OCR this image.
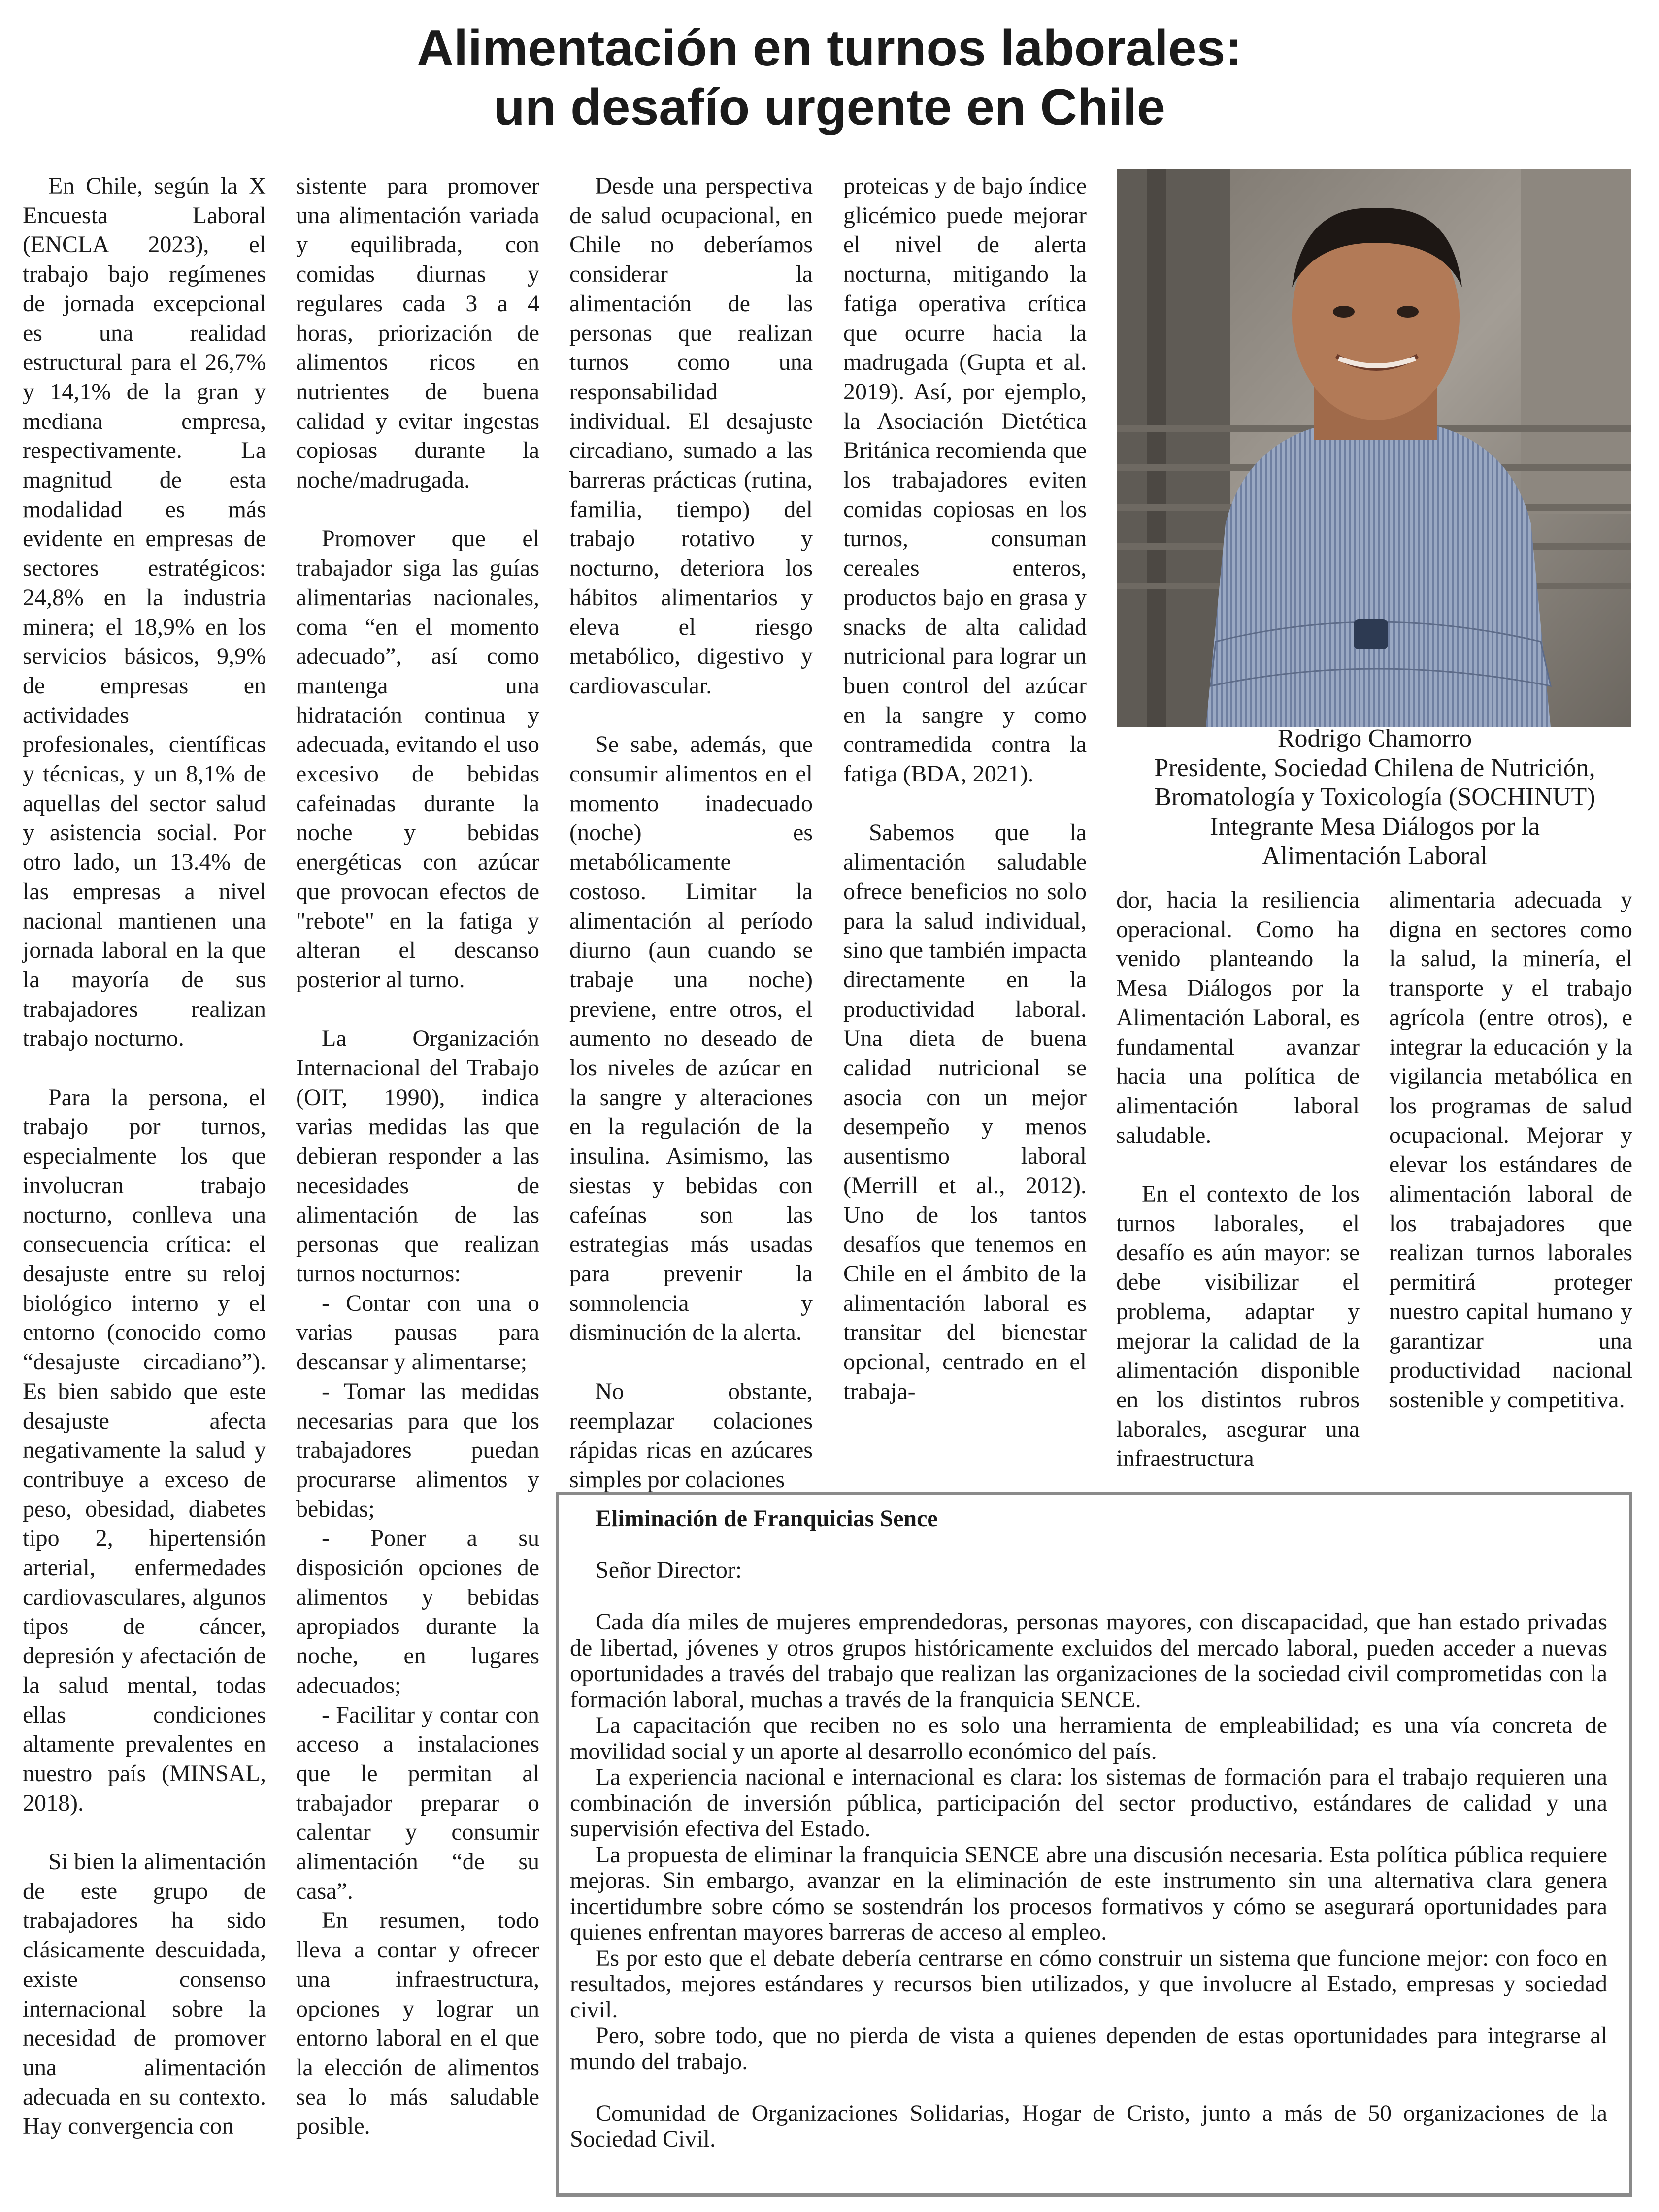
Alimentación en turnos laborales:
un desafío urgente en Chile

En Chile, según la X Encuesta Laboral (ENCLA 2023), el trabajo bajo regímenes de jornada excepcional es una realidad estructural para el 26,7% y 14,1% de la gran y mediana empresa, respectivamente. La magnitud de esta modalidad es más evidente en empresas de sectores estratégicos: 24,8% en la industria minera; el 18,9% en los servicios básicos, 9,9% de empresas en actividades profesionales, científicas y técnicas, y un 8,1% de aquellas del sector salud y asistencia social. Por otro lado, un 13.4% de las empresas a nivel nacional mantienen una jornada laboral en la que la mayoría de sus trabajadores realizan trabajo nocturno.

Para la persona, el trabajo por turnos, especialmente los que involucran trabajo nocturno, conlleva una consecuencia crítica: el desajuste entre su reloj biológico interno y el entorno (conocido como “desajuste circadiano”). Es bien sabido que este desajuste afecta negativamente la salud y contribuye a exceso de peso, obesidad, diabetes tipo 2, hipertensión arterial, enfermedades cardiovasculares, algunos tipos de cáncer, depresión y afectación de la salud mental, todas ellas condiciones altamente prevalentes en nuestro país (MINSAL, 2018).

Si bien la alimentación de este grupo de trabajadores ha sido clásicamente descuidada, existe consenso internacional sobre la necesidad de promover una alimentación adecuada en su contexto. Hay convergencia con

sistente para promover una alimentación variada y equilibrada, con comidas diurnas y regulares cada 3 a 4 horas, priorización de alimentos ricos en nutrientes de buena calidad y evitar ingestas copiosas durante la noche/madrugada.

Promover que el trabajador siga las guías alimentarias nacionales, coma “en el momento adecuado”, así como mantenga una hidratación continua y adecuada, evitando el uso excesivo de bebidas cafeinadas durante la noche y bebidas energéticas con azúcar que provocan efectos de "rebote" en la fatiga y alteran el descanso posterior al turno.

La Organización Internacional del Trabajo (OIT, 1990), indica varias medidas las que debieran responder a las necesidades de alimentación de las personas que realizan turnos nocturnos:

- Contar con una o varias pausas para descansar y alimentarse;

- Tomar las medidas necesarias para que los trabajadores puedan procurarse alimentos y bebidas;

- Poner a su disposición opciones de alimentos y bebidas apropiados durante la noche, en lugares adecuados;

- Facilitar y contar con acceso a instalaciones que le permitan al trabajador preparar o calentar y consumir alimentación “de su casa”.

En resumen, todo lleva a contar y ofrecer una infraestructura, opciones y lograr un entorno laboral en el que la elección de alimentos sea lo más saludable posible.

Desde una perspectiva de salud ocupacional, en Chile no deberíamos considerar la alimentación de las personas que realizan turnos como una responsabilidad individual. El desajuste circadiano, sumado a las barreras prácticas (rutina, familia, tiempo) del trabajo rotativo y nocturno, deteriora los hábitos alimentarios y eleva el riesgo metabólico, digestivo y cardiovascular.

Se sabe, además, que consumir alimentos en el momento inadecuado (noche) es metabólicamente costoso. Limitar la alimentación al período diurno (aun cuando se trabaje una noche) previene, entre otros, el aumento no deseado de los niveles de azúcar en la sangre y alteraciones en la regulación de la insulina. Asimismo, las siestas y bebidas con cafeínas son las estrategias más usadas para prevenir la somnolencia y disminución de la alerta.

No obstante, reemplazar colaciones rápidas ricas en azúcares simples por colaciones

proteicas y de bajo índice glicémico puede mejorar el nivel de alerta nocturna, mitigando la fatiga operativa crítica que ocurre hacia la madrugada (Gupta et al. 2019). Así, por ejemplo, la Asociación Dietética Británica recomienda que los trabajadores eviten comidas copiosas en los turnos, consuman cereales enteros, productos bajo en grasa y snacks de alta calidad nutricional para lograr un buen control del azúcar en la sangre y como contramedida contra la fatiga (BDA, 2021).

Sabemos que la alimentación saludable ofrece beneficios no solo para la salud individual, sino que también impacta directamente en la productividad laboral. Una dieta de buena calidad nutricional se asocia con un mejor desempeño y menos ausentismo laboral (Merrill et al., 2012). Uno de los tantos desafíos que tenemos en Chile en el ámbito de la alimentación laboral es transitar del bienestar opcional, centrado en el trabaja-

Rodrigo Chamorro
Presidente, Sociedad Chilena de Nutrición,
Bromatología y Toxicología (SOCHINUT)
Integrante Mesa Diálogos por la
Alimentación Laboral

dor, hacia la resiliencia operacional. Como ha venido planteando la Mesa Diálogos por la Alimentación Laboral, es fundamental avanzar hacia una política de alimentación laboral saludable.

En el contexto de los turnos laborales, el desafío es aún mayor: se debe visibilizar el problema, adaptar y mejorar la calidad de la alimentación disponible en los distintos rubros laborales, asegurar una infraestructura

alimentaria adecuada y digna en sectores como la salud, la minería, el transporte y el trabajo agrícola (entre otros), e integrar la educación y la vigilancia metabólica en los programas de salud ocupacional. Mejorar y elevar los estándares de alimentación laboral de los trabajadores que realizan turnos laborales permitirá proteger nuestro capital humano y garantizar una productividad nacional sostenible y competitiva.

Eliminación de Franquicias Sence

Señor Director:

Cada día miles de mujeres emprendedoras, personas mayores, con discapacidad, que han estado privadas de libertad, jóvenes y otros grupos históricamente excluidos del mercado laboral, pueden acceder a nuevas oportunidades a través del trabajo que realizan las organizaciones de la sociedad civil comprometidas con la formación laboral, muchas a través de la franquicia SENCE.

La capacitación que reciben no es solo una herramienta de empleabilidad; es una vía concreta de movilidad social y un aporte al desarrollo económico del país.

La experiencia nacional e internacional es clara: los sistemas de formación para el trabajo requieren una combinación de inversión pública, participación del sector productivo, estándares de calidad y una supervisión efectiva del Estado.

La propuesta de eliminar la franquicia SENCE abre una discusión necesaria. Esta política pública requiere mejoras. Sin embargo, avanzar en la eliminación de este instrumento sin una alternativa clara genera incertidumbre sobre cómo se sostendrán los procesos formativos y cómo se asegurará oportunidades para quienes enfrentan mayores barreras de acceso al empleo.

Es por esto que el debate debería centrarse en cómo construir un sistema que funcione mejor: con foco en resultados, mejores estándares y recursos bien utilizados, y que involucre al Estado, empresas y sociedad civil.

Pero, sobre todo, que no pierda de vista a quienes dependen de estas oportunidades para integrarse al mundo del trabajo.

Comunidad de Organizaciones Solidarias, Hogar de Cristo, junto a más de 50 organizaciones de la Sociedad Civil.
